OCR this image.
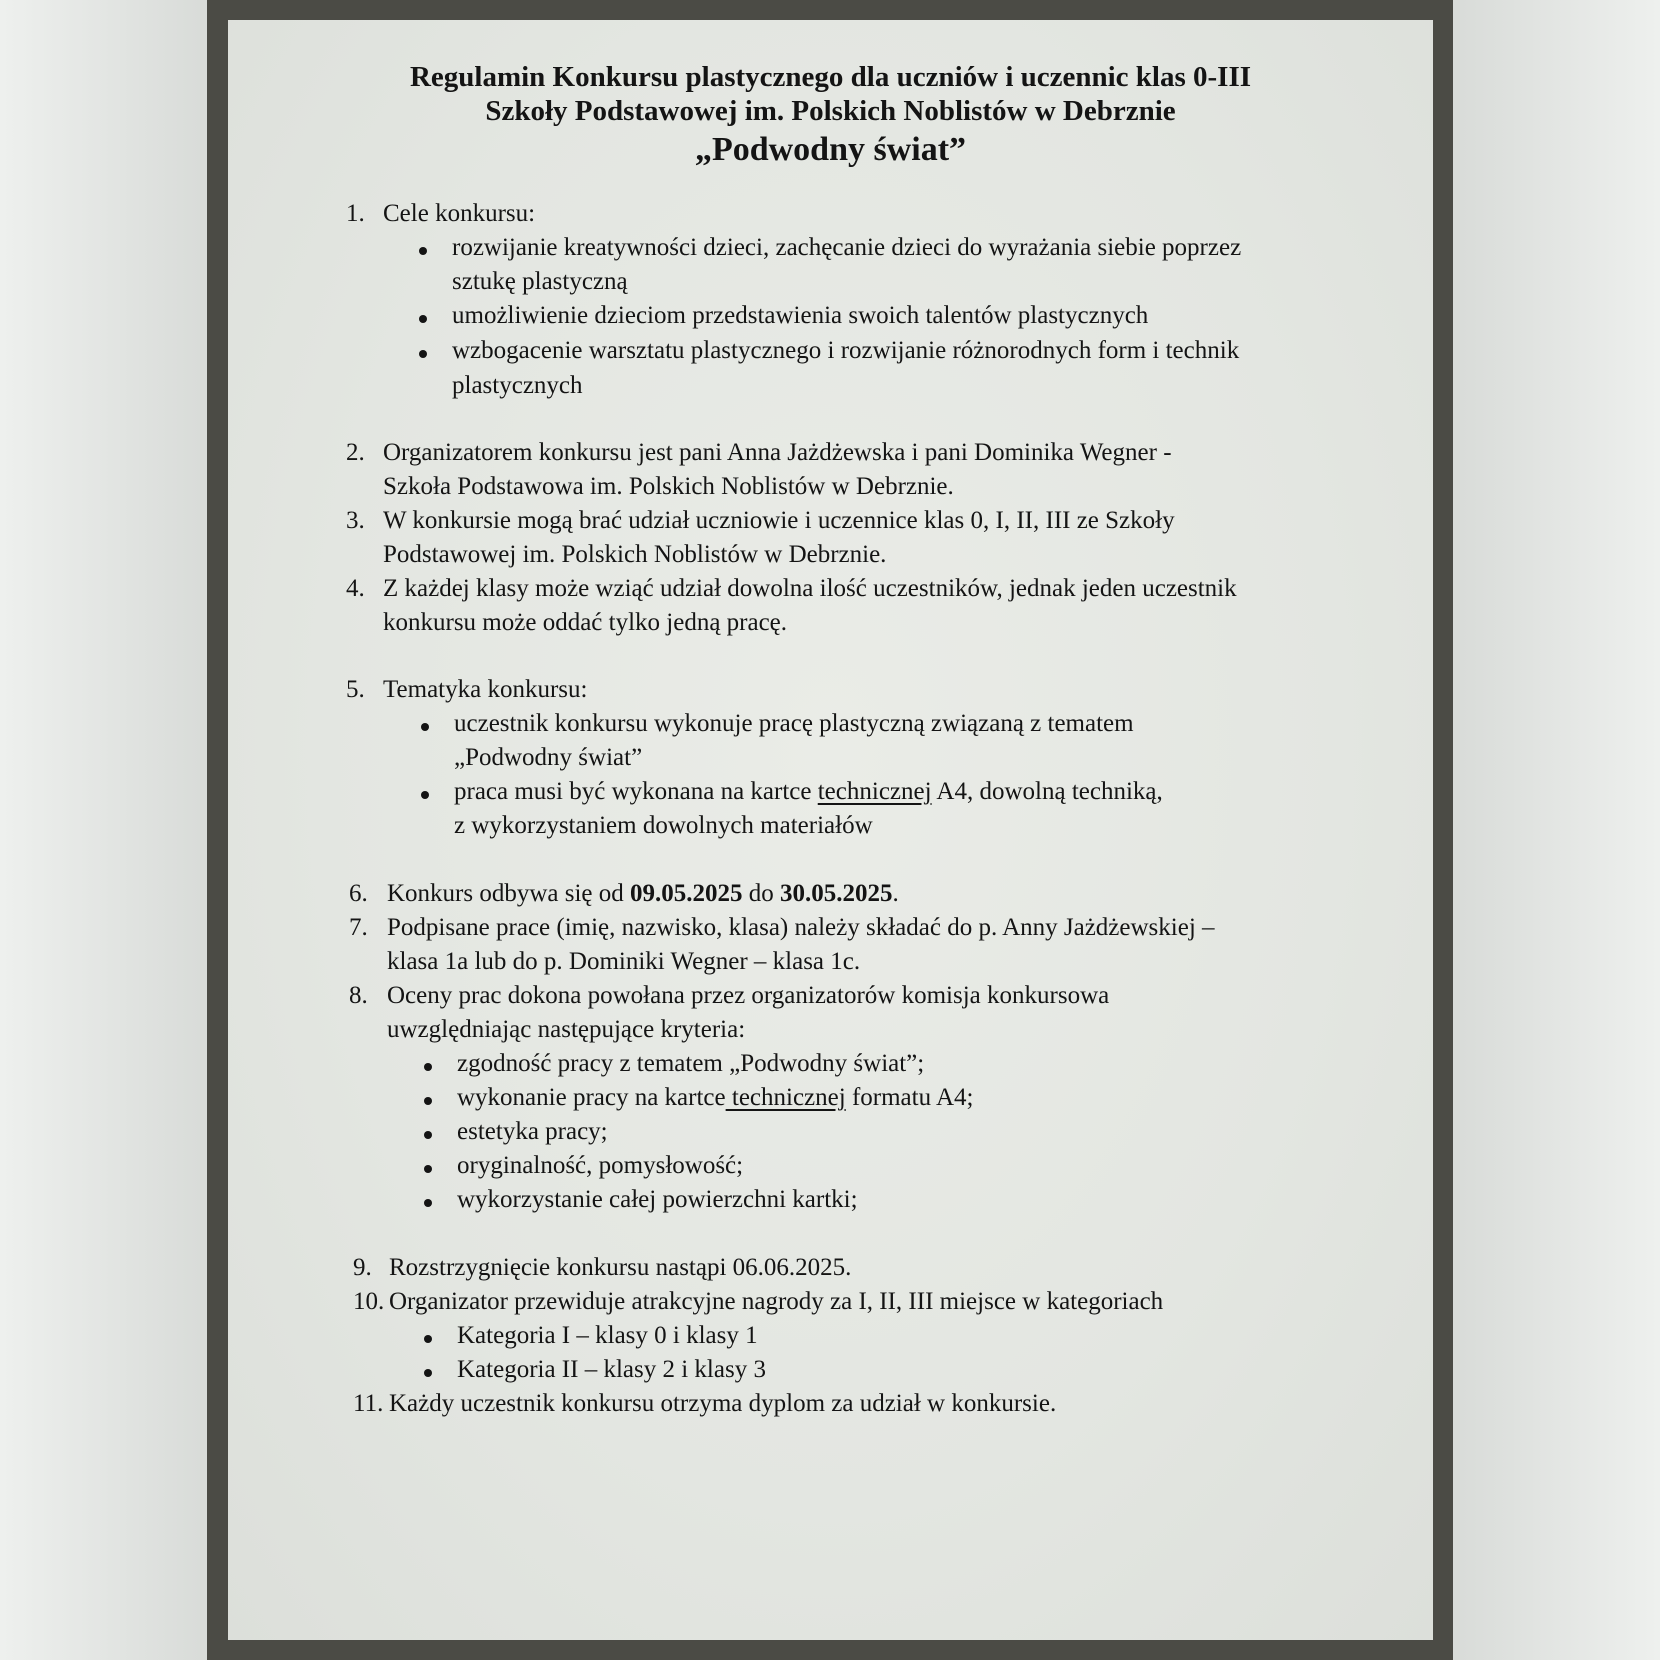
Regulamin Konkursu plastycznego dla uczniów i uczennic klas 0-III
Szkoły Podstawowej im. Polskich Noblistów w Debrznie
„Podwodny świat”
1. Cele konkursu:
rozwijanie kreatywności dzieci, zachęcanie dzieci do wyrażania siebie poprzez
sztukę plastyczną
umożliwienie dzieciom przedstawienia swoich talentów plastycznych
wzbogacenie warsztatu plastycznego i rozwijanie różnorodnych form i technik
plastycznych
2. Organizatorem konkursu jest pani Anna Jażdżewska i pani Dominika Wegner -
Szkoła Podstawowa im. Polskich Noblistów w Debrznie.
3. W konkursie mogą brać udział uczniowie i uczennice klas 0, I, II, III ze Szkoły
Podstawowej im. Polskich Noblistów w Debrznie.
4. Z każdej klasy może wziąć udział dowolna ilość uczestników, jednak jeden uczestnik
konkursu może oddać tylko jedną pracę.
5. Tematyka konkursu:
uczestnik konkursu wykonuje pracę plastyczną związaną z tematem
„Podwodny świat”
praca musi być wykonana na kartce technicznej A4, dowolną techniką,
z wykorzystaniem dowolnych materiałów
6. Konkurs odbywa się od 09.05.2025 do 30.05.2025.
7. Podpisane prace (imię, nazwisko, klasa) należy składać do p. Anny Jażdżewskiej –
klasa 1a lub do p. Dominiki Wegner – klasa 1c.
8. Oceny prac dokona powołana przez organizatorów komisja konkursowa
uwzględniając następujące kryteria:
zgodność pracy z tematem „Podwodny świat”;
wykonanie pracy na kartce technicznej formatu A4;
estetyka pracy;
oryginalność, pomysłowość;
wykorzystanie całej powierzchni kartki;
9. Rozstrzygnięcie konkursu nastąpi 06.06.2025.
10. Organizator przewiduje atrakcyjne nagrody za I, II, III miejsce w kategoriach
Kategoria I – klasy 0 i klasy 1
Kategoria II – klasy 2 i klasy 3
11. Każdy uczestnik konkursu otrzyma dyplom za udział w konkursie.
